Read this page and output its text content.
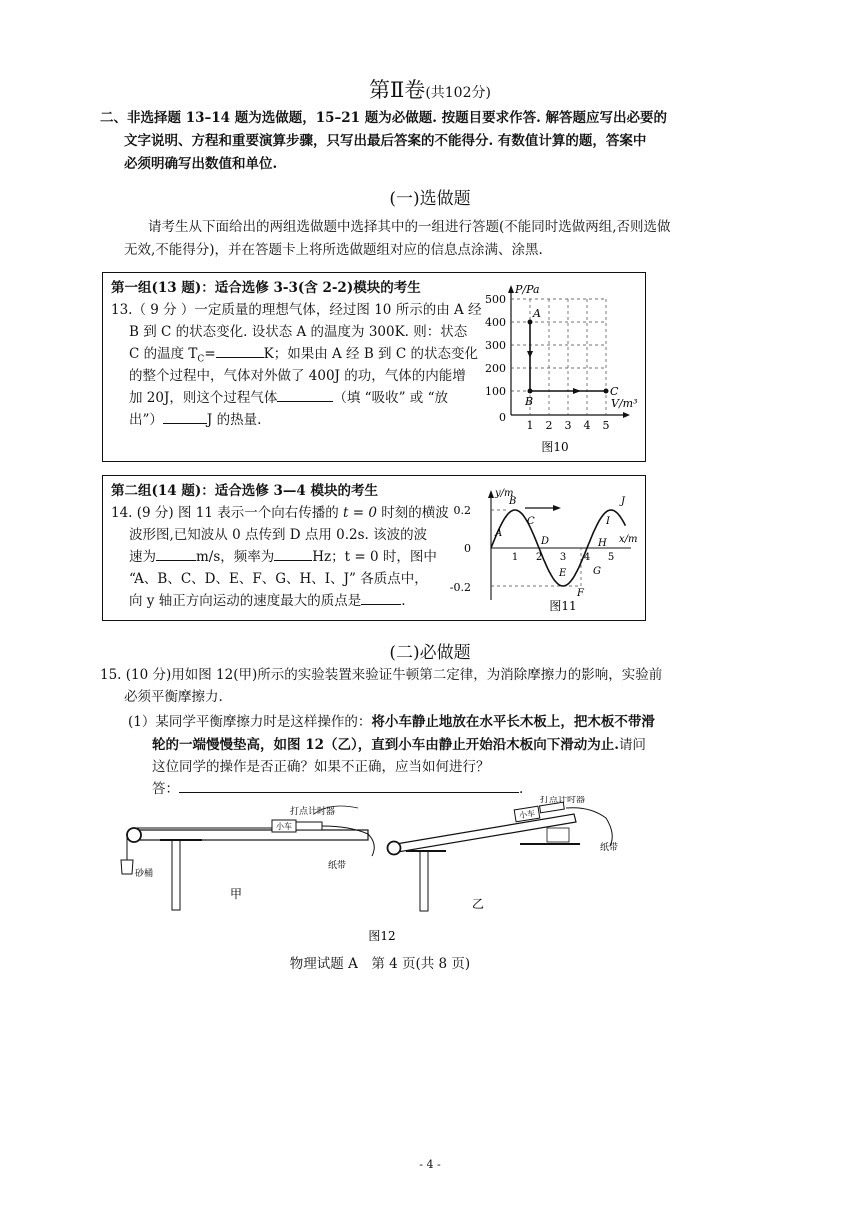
第Ⅱ卷(共102分)
二、非选择题 13–14 题为选做题，15–21 题为必做题. 按题目要求作答. 解答题应写出必要的
文字说明、方程和重要演算步骤，只写出最后答案的不能得分. 有数值计算的题，答案中
必须明确写出数值和单位.
(一)选做题
请考生从下面给出的两组选做题中选择其中的一组进行答题(不能同时选做两组,否则选做
无效,不能得分)，并在答题卡上将所选做题组对应的信息点涂满、涂黑.
第一组(13 题)：适合选修 3-3(含 2-2)模块的考生
13.（ 9 分 ）一定质量的理想气体，经过图 10 所示的由 A 经
B 到 C 的状态变化. 设状态 A 的温度为 300K. 则：状态
C 的温度 $T_C=$	K；如果由 A 经 B 到 C 的状态变化
的整个过程中，气体对外做了 400J 的功，气体的内能增
加 20J，则这个过程气体	（填 “吸收” 或 “放
出”）	J 的热量.
P/Pa
V/m³
500
400
300
200
100
0
1 2 3 4 5
A
B
C
图10
第二组(14 题)：适合选修 3—4 模块的考生
14. (9 分) 图 11 表示一个向右传播的 t = 0 时刻的横波
波形图,已知波从 0 点传到 D 点用 0.2s. 该波的波
速为	m/s，频率为	Hz；t = 0 时，图中
“A、B、C、D、E、F、G、H、I、J” 各质点中，
向 y 轴正方向运动的速度最大的质点是	.
y/m
x/m
0.2
-0.2
0
1 2 3 4 5
A
B
C
D
E
F
G
H
I
J
图11
(二)必做题
15. (10 分)用如图 12(甲)所示的实验装置来验证牛顿第二定律，为消除摩擦力的影响，实验前
必须平衡摩擦力.
(1）某同学平衡摩擦力时是这样操作的：将小车静止地放在水平长木板上，把木板不带滑
轮的一端慢慢垫高，如图 12（乙），直到小车由静止开始沿木板向下滑动为止.请问
这位同学的操作是否正确？如果不正确，应当如何进行？
答：	.
小车
砂桶
打点计时器
纸带
甲
小车
打点计时器
纸带
乙
图12
物理试题 A　第 4 页(共 8 页)
- 4 -
